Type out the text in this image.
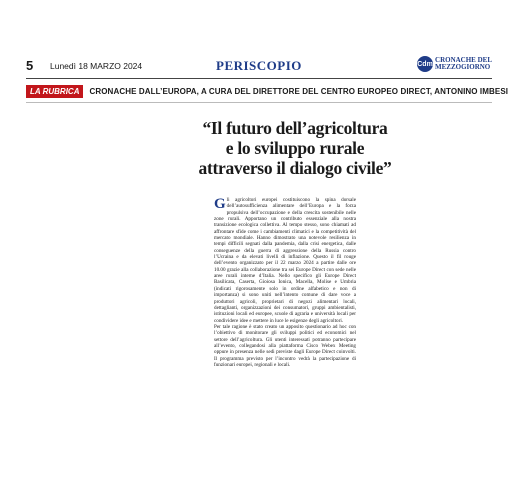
5 Lunedì 18 MARZO 2024	PERISCOPIO	Cdm
CRONACHE DEL
MEZZOGIORNO
LA RUBRICA	CRONACHE DALL’EUROPA, A CURA DEL DIRETTORE DEL CENTRO EUROPEO DIRECT, ANTONINO IMBESI
“Il futuro dell’agricoltura
e lo sviluppo rurale
attraverso il dialogo civile”

Gli agricoltori europei costituiscono la spina dorsale dell’autosufficienza alimentare dell’Europa e la forza propulsiva dell’occupazione e della crescita sostenibile nelle zone rurali. Apportano un contributo essenziale alla nostra transizione ecologica collettiva. Al tempo stesso, sono chiamati ad affrontare sfide come i cambiamenti climatici e la competitività del mercato mondiale. Hanno dimostrato una notevole resilienza in tempi difficili segnati dalla pandemia, dalla crisi energetica, dalle conseguenze della guerra di aggressione della Russia contro l’Ucraina e da elevati livelli di inflazione. Questo il fil rouge dell’evento organizzato per il 22 marzo 2024 a partire dalle ore 10.00 grazie alla collaborazione tra sei Europe Direct con sede nelle aree rurali interne d’Italia. Nello specifico gli Europe Direct Basilicata, Caserta, Gioiosa Ionica, Macella, Molise e Umbria (indicati rigorosamente solo in ordine alfabetico e non di importanza) si sono uniti nell’intento comune di dare voce a produttori agricoli, proprietari di negozi alimentari locali, dettaglianti, organizzazioni dei consumatori, gruppi ambientalisti, istituzioni locali ed europee, scuole di agraria e università locali per condividere idee e mettere in luce le esigenze degli agricoltori.

Per tale ragione è stato creato un apposito questionario ad hoc con l’obiettivo di monitorare gli sviluppi politici ed economici nel settore dell’agricoltura. Gli utenti interessati potranno partecipare all’evento, collegandosi alla piattaforma Cisco Webex Meeting oppure in presenza nelle sedi previste dagli Europe Direct coinvolti. Il programma previsto per l’incontro vedrà la partecipazione di funzionari europei, regionali e locali.
